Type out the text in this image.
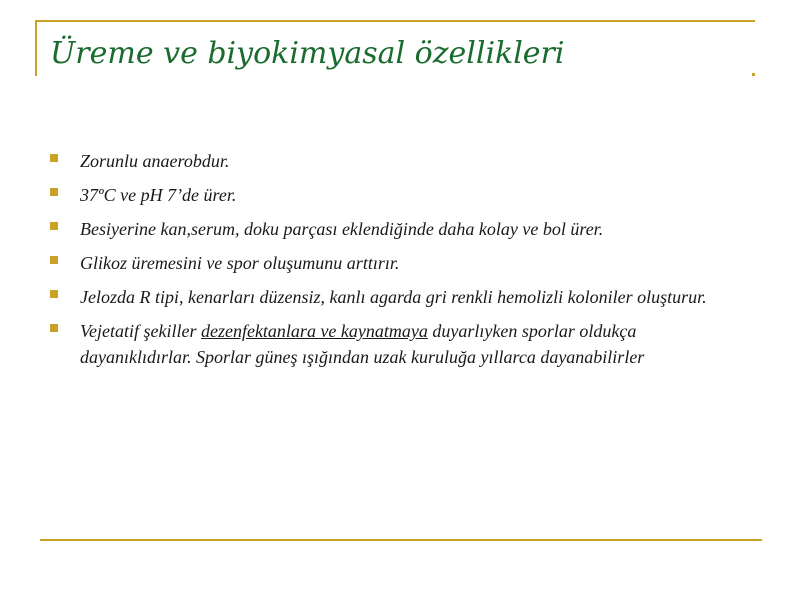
Üreme ve biyokimyasal özellikleri
Zorunlu anaerobdur.
37ºC ve pH 7’de ürer.
Besiyerine kan,serum, doku parçası eklendiğinde daha kolay ve bol ürer.
Glikoz üremesini ve spor oluşumunu arttırır.
Jelozda R tipi, kenarları düzensiz, kanlı agarda gri renkli hemolizli koloniler oluşturur.
Vejetatif şekiller dezenfektanlara ve kaynatmaya duyarlıyken sporlar oldukça dayanıklıdırlar. Sporlar güneş ışığından uzak kuruluğa yıllarca dayanabilirler
